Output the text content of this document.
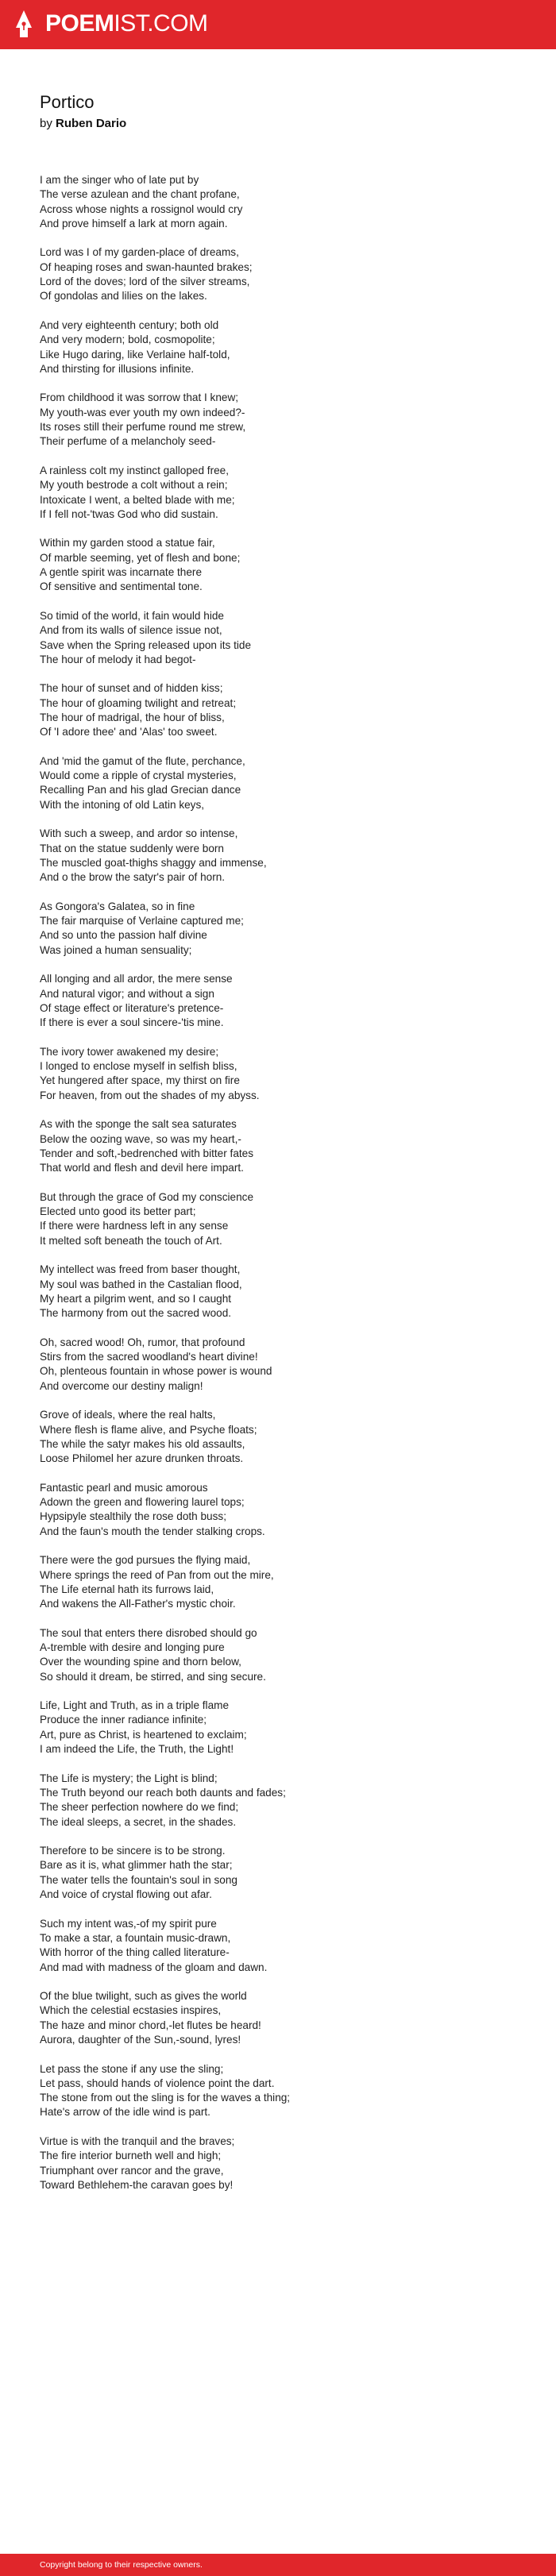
POEMIST.COM
Portico
by Ruben Dario
I am the singer who of late put by
The verse azulean and the chant profane,
Across whose nights a rossignol would cry
And prove himself a lark at morn again.
Lord was I of my garden-place of dreams,
Of heaping roses and swan-haunted brakes;
Lord of the doves; lord of the silver streams,
Of gondolas and lilies on the lakes.
And very eighteenth century; both old
And very modern; bold, cosmopolite;
Like Hugo daring, like Verlaine half-told,
And thirsting for illusions infinite.
From childhood it was sorrow that I knew;
My youth-was ever youth my own indeed?-
Its roses still their perfume round me strew,
Their perfume of a melancholy seed-
A rainless colt my instinct galloped free,
My youth bestrode a colt without a rein;
Intoxicate I went, a belted blade with me;
If I fell not-'twas God who did sustain.
Within my garden stood a statue fair,
Of marble seeming, yet of flesh and bone;
A gentle spirit was incarnate there
Of sensitive and sentimental tone.
So timid of the world, it fain would hide
And from its walls of silence issue not,
Save when the Spring released upon its tide
The hour of melody it had begot-
The hour of sunset and of hidden kiss;
The hour of gloaming twilight and retreat;
The hour of madrigal, the hour of bliss,
Of 'I adore thee' and 'Alas' too sweet.
And 'mid the gamut of the flute, perchance,
Would come a ripple of crystal mysteries,
Recalling Pan and his glad Grecian dance
With the intoning of old Latin keys,
With such a sweep, and ardor so intense,
That on the statue suddenly were born
The muscled goat-thighs shaggy and immense,
And o the brow the satyr's pair of horn.
As Gongora's Galatea, so in fine
The fair marquise of Verlaine captured me;
And so unto the passion half divine
Was joined a human sensuality;
All longing and all ardor, the mere sense
And natural vigor; and without a sign
Of stage effect or literature's pretence-
If there is ever a soul sincere-'tis mine.
The ivory tower awakened my desire;
I longed to enclose myself in selfish bliss,
Yet hungered after space, my thirst on fire
For heaven, from out the shades of my abyss.
As with the sponge the salt sea saturates
Below the oozing wave, so was my heart,-
Tender and soft,-bedrenched with bitter fates
That world and flesh and devil here impart.
But through the grace of God my conscience
Elected unto good its better part;
If there were hardness left in any sense
It melted soft beneath the touch of Art.
My intellect was freed from baser thought,
My soul was bathed in the Castalian flood,
My heart a pilgrim went, and so I caught
The harmony from out the sacred wood.
Oh, sacred wood! Oh, rumor, that profound
Stirs from the sacred woodland's heart divine!
Oh, plenteous fountain in whose power is wound
And overcome our destiny malign!
Grove of ideals, where the real halts,
Where flesh is flame alive, and Psyche floats;
The while the satyr makes his old assaults,
Loose Philomel her azure drunken throats.
Fantastic pearl and music amorous
Adown the green and flowering laurel tops;
Hypsipyle stealthily the rose doth buss;
And the faun's mouth the tender stalking crops.
There were the god pursues the flying maid,
Where springs the reed of Pan from out the mire,
The Life eternal hath its furrows laid,
And wakens the All-Father's mystic choir.
The soul that enters there disrobed should go
A-tremble with desire and longing pure
Over the wounding spine and thorn below,
So should it dream, be stirred, and sing secure.
Life, Light and Truth, as in a triple flame
Produce the inner radiance infinite;
Art, pure as Christ, is heartened to exclaim;
I am indeed the Life, the Truth, the Light!
The Life is mystery; the Light is blind;
The Truth beyond our reach both daunts and fades;
The sheer perfection nowhere do we find;
The ideal sleeps, a secret, in the shades.
Therefore to be sincere is to be strong.
Bare as it is, what glimmer hath the star;
The water tells the fountain's soul in song
And voice of crystal flowing out afar.
Such my intent was,-of my spirit pure
To make a star, a fountain music-drawn,
With horror of the thing called literature-
And mad with madness of the gloam and dawn.
Of the blue twilight, such as gives the world
Which the celestial ecstasies inspires,
The haze and minor chord,-let flutes be heard!
Aurora, daughter of the Sun,-sound, lyres!
Let pass the stone if any use the sling;
Let pass, should hands of violence point the dart.
The stone from out the sling is for the waves a thing;
Hate's arrow of the idle wind is part.
Virtue is with the tranquil and the braves;
The fire interior burneth well and high;
Triumphant over rancor and the grave,
Toward Bethlehem-the caravan goes by!
Copyright belong to their respective owners.
